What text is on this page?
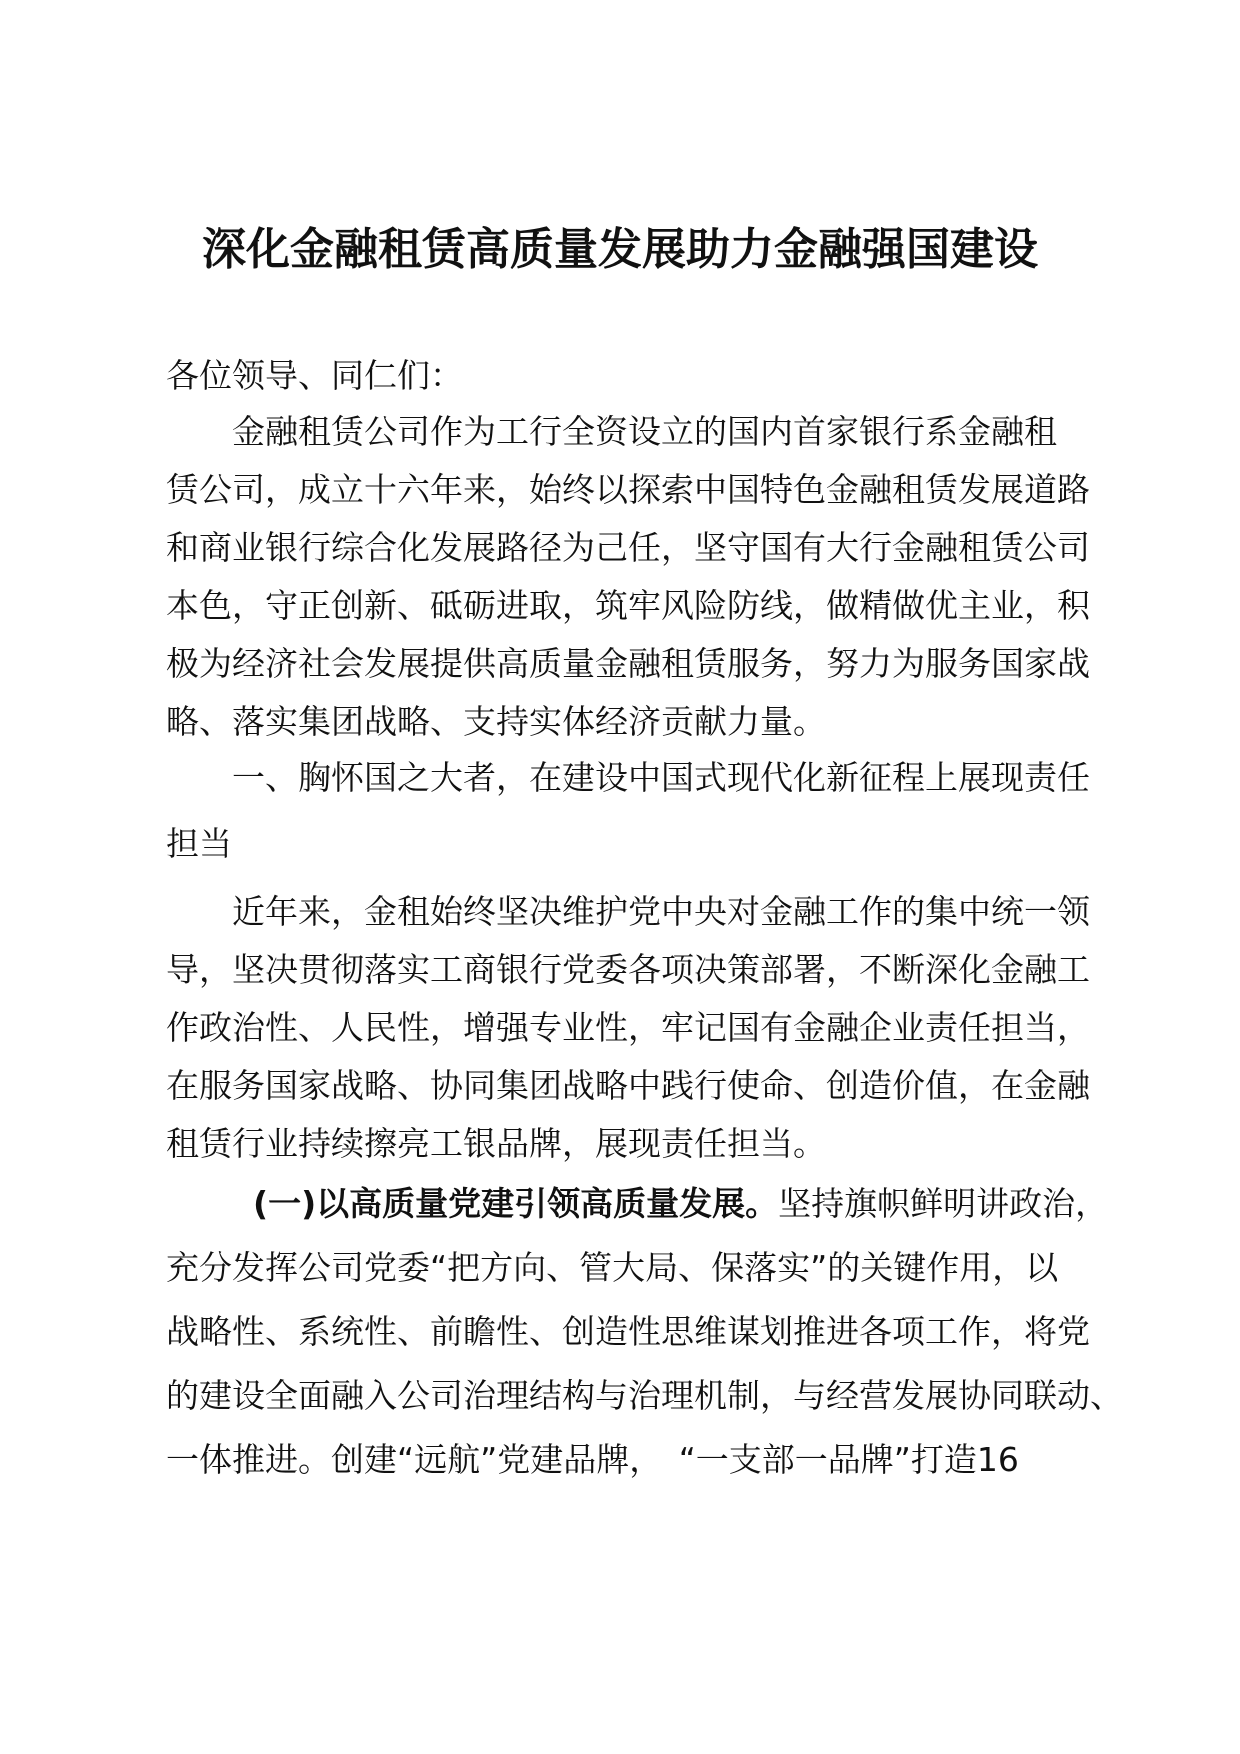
深化金融租赁高质量发展助力金融强国建设

各位领导、同仁们：

金融租赁公司作为工行全资设立的国内首家银行系金融租

赁公司，成立十六年来，始终以探索中国特色金融租赁发展道路

和商业银行综合化发展路径为己任，坚守国有大行金融租赁公司

本色，守正创新、砥砺进取，筑牢风险防线，做精做优主业，积

极为经济社会发展提供高质量金融租赁服务，努力为服务国家战

略、落实集团战略、支持实体经济贡献力量。

一、胸怀国之大者，在建设中国式现代化新征程上展现责任

担当

近年来，金租始终坚决维护党中央对金融工作的集中统一领

导，坚决贯彻落实工商银行党委各项决策部署，不断深化金融工

作政治性、人民性，增强专业性，牢记国有金融企业责任担当，

在服务国家战略、协同集团战略中践行使命、创造价值，在金融

租赁行业持续擦亮工银品牌，展现责任担当。

(一)以高质量党建引领高质量发展。坚持旗帜鲜明讲政治，

充分发挥公司党委“把方向、管大局、保落实”的关键作用，以

战略性、系统性、前瞻性、创造性思维谋划推进各项工作，将党

的建设全面融入公司治理结构与治理机制，与经营发展协同联动、

一体推进。创建“远航”党建品牌，　“一支部一品牌”打造16
